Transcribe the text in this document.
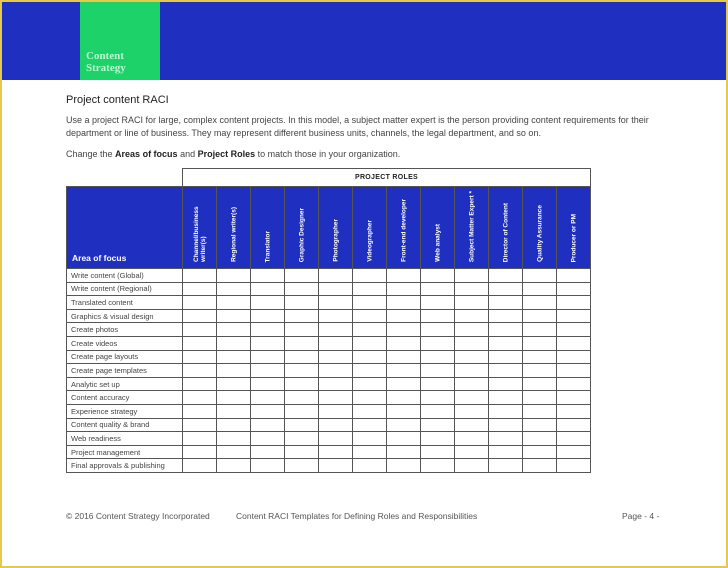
Content
Strategy
Project content RACI
Use a project RACI for large, complex content projects. In this model, a subject matter expert is the person providing content requirements for their department or line of business. They may represent different business units, channels, the legal department, and so on.
Change the Areas of focus and Project Roles to match those in your organization.
	PROJECT ROLES											
Area of focus	Channel/business writer(s)	Regional writer(s)	Translator	Graphic Designer	Photographer	Videographer	Front-end developer	Web analyst	Subject Matter Expert *	Director of Content	Quality Assurance	Producer or PM

Write content (Global)												
Write content (Regional)												
Translated content												
Graphics & visual design												
Create photos												
Create videos												
Create page layouts												
Create page templates												
Analytic set up												
Content accuracy												
Experience strategy												
Content quality & brand												
Web readiness												
Project management												
Final approvals & publishing												
© 2016 Content Strategy Incorporated	Content RACI Templates for Defining Roles and Responsibilities	Page - 4 -
